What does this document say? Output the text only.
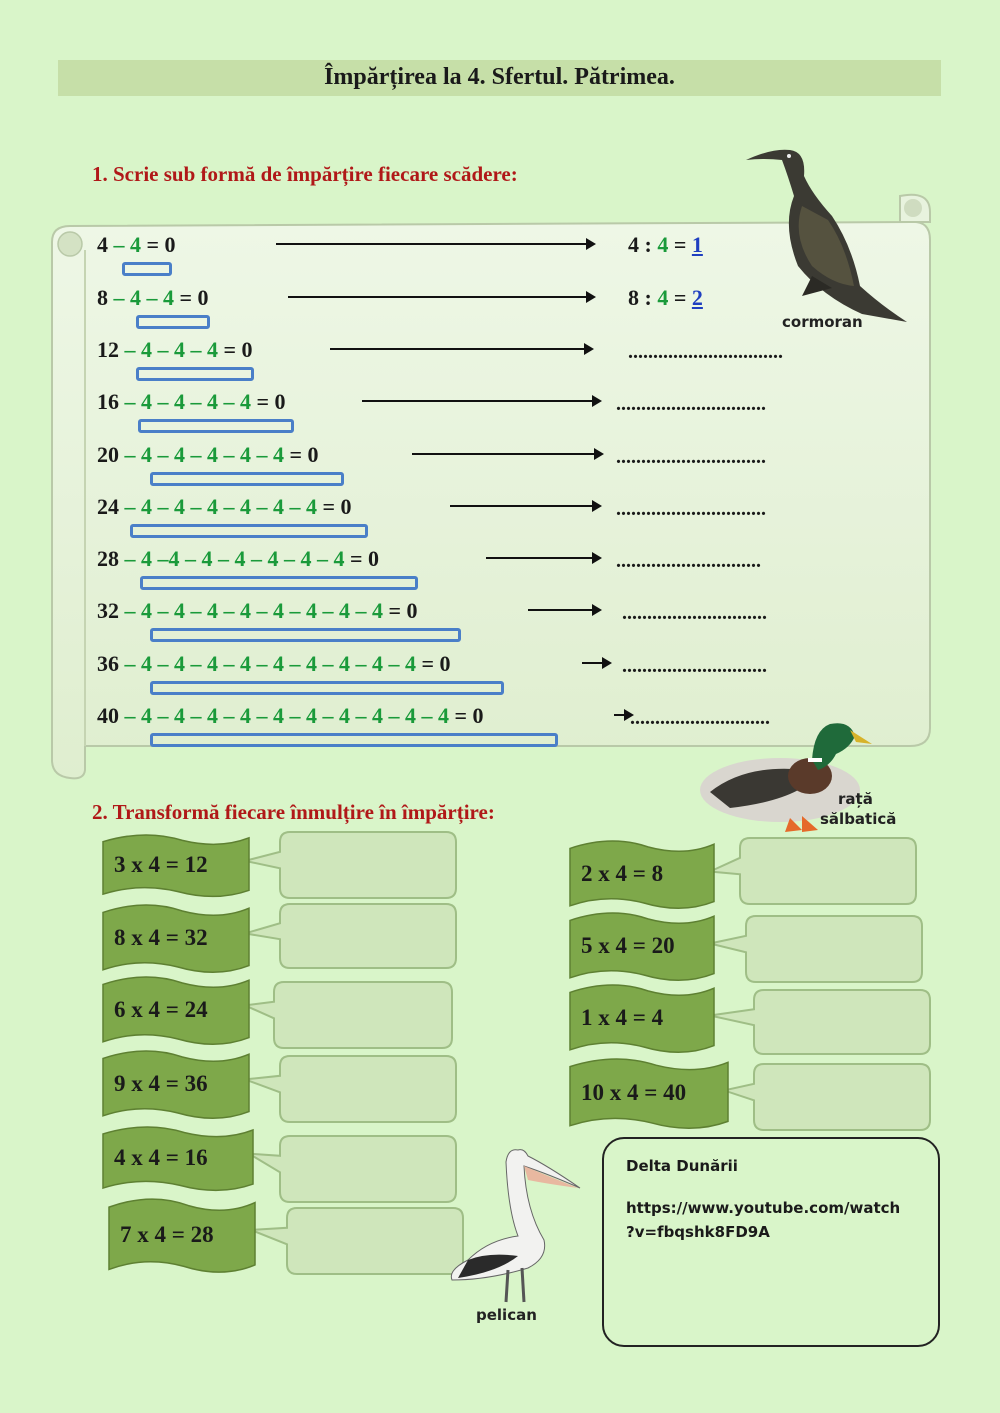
Împărțirea la 4. Sfertul. Pătrimea.
1. Scrie sub formă de împărțire fiecare scădere:
4 – 4 = 0	4 : 4 = 1
8 – 4 – 4 = 0	8 : 4 = 2
12 – 4 – 4 – 4 = 0	...............................
16 – 4 – 4 – 4 – 4 = 0	..............................
20 – 4 – 4 – 4 – 4 – 4 = 0	..............................
24 – 4 – 4 – 4 – 4 – 4 – 4 = 0	..............................
28 – 4 –4 – 4 – 4 – 4 – 4 – 4 = 0	.............................
32 – 4 – 4 – 4 – 4 – 4 – 4 – 4 – 4 = 0	.............................
36 – 4 – 4 – 4 – 4 – 4 – 4 – 4 – 4 – 4 = 0	.............................
40 – 4 – 4 – 4 – 4 – 4 – 4 – 4 – 4 – 4 – 4 = 0	............................
2. Transformă fiecare înmulțire în împărțire:
3 x 4 = 12
8 x 4 = 32
6 x 4 = 24
9 x 4 = 36
4 x 4 = 16
7 x 4 = 28
2 x 4 = 8
5 x 4 = 20
1 x 4 = 4
10 x 4 = 40
cormoran
rață
sălbatică
pelican
Delta Dunării
https://www.youtube.com/watch
?v=fbqshk8FD9A
